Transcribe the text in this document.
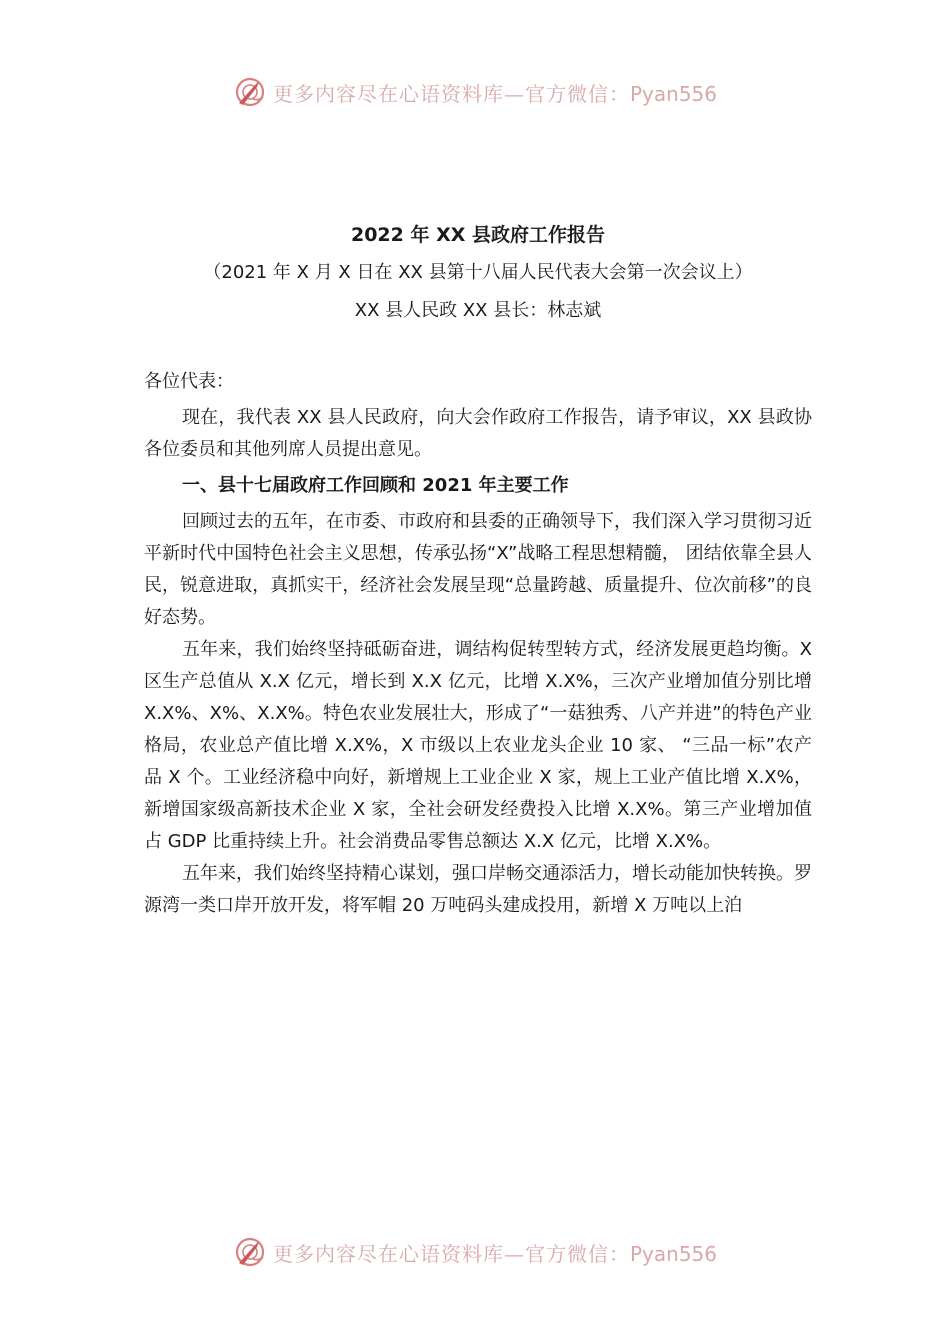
更多内容尽在心语资料库—官方微信：Pyan556

2022 年 XX 县政府工作报告

（2021 年 X 月 X 日在 XX 县第十八届人民代表大会第一次会议上）

XX 县人民政 XX 县长：林志斌

各位代表：

现在，我代表 XX 县人民政府，向大会作政府工作报告，请予审议，XX 县政协各位委员和其他列席人员提出意见。

一、县十七届政府工作回顾和 2021 年主要工作

回顾过去的五年，在市委、市政府和县委的正确领导下，我们深入学习贯彻习近平新时代中国特色社会主义思想，传承弘扬“X”战略工程思想精髓， 团结依靠全县人民，锐意进取，真抓实干，经济社会发展呈现“总量跨越、质量提升、位次前移”的良好态势。

五年来，我们始终坚持砥砺奋进，调结构促转型转方式，经济发展更趋均衡。X 区生产总值从 X.X 亿元，增长到 X.X 亿元，比增 X.X%，三次产业增加值分别比增 X.X%、X%、X.X%。特色农业发展壮大，形成了“一菇独秀、八产并进”的特色产业格局，农业总产值比增 X.X%，X 市级以上农业龙头企业 10 家、 “三品一标”农产品 X 个。工业经济稳中向好，新增规上工业企业 X 家，规上工业产值比增 X.X%，新增国家级高新技术企业 X 家，全社会研发经费投入比增 X.X%。第三产业增加值占 GDP 比重持续上升。社会消费品零售总额达 X.X 亿元，比增 X.X%。

五年来，我们始终坚持精心谋划，强口岸畅交通添活力，增长动能加快转换。罗源湾一类口岸开放开发，将军帽 20 万吨码头建成投用，新增 X 万吨以上泊

更多内容尽在心语资料库—官方微信：Pyan556
